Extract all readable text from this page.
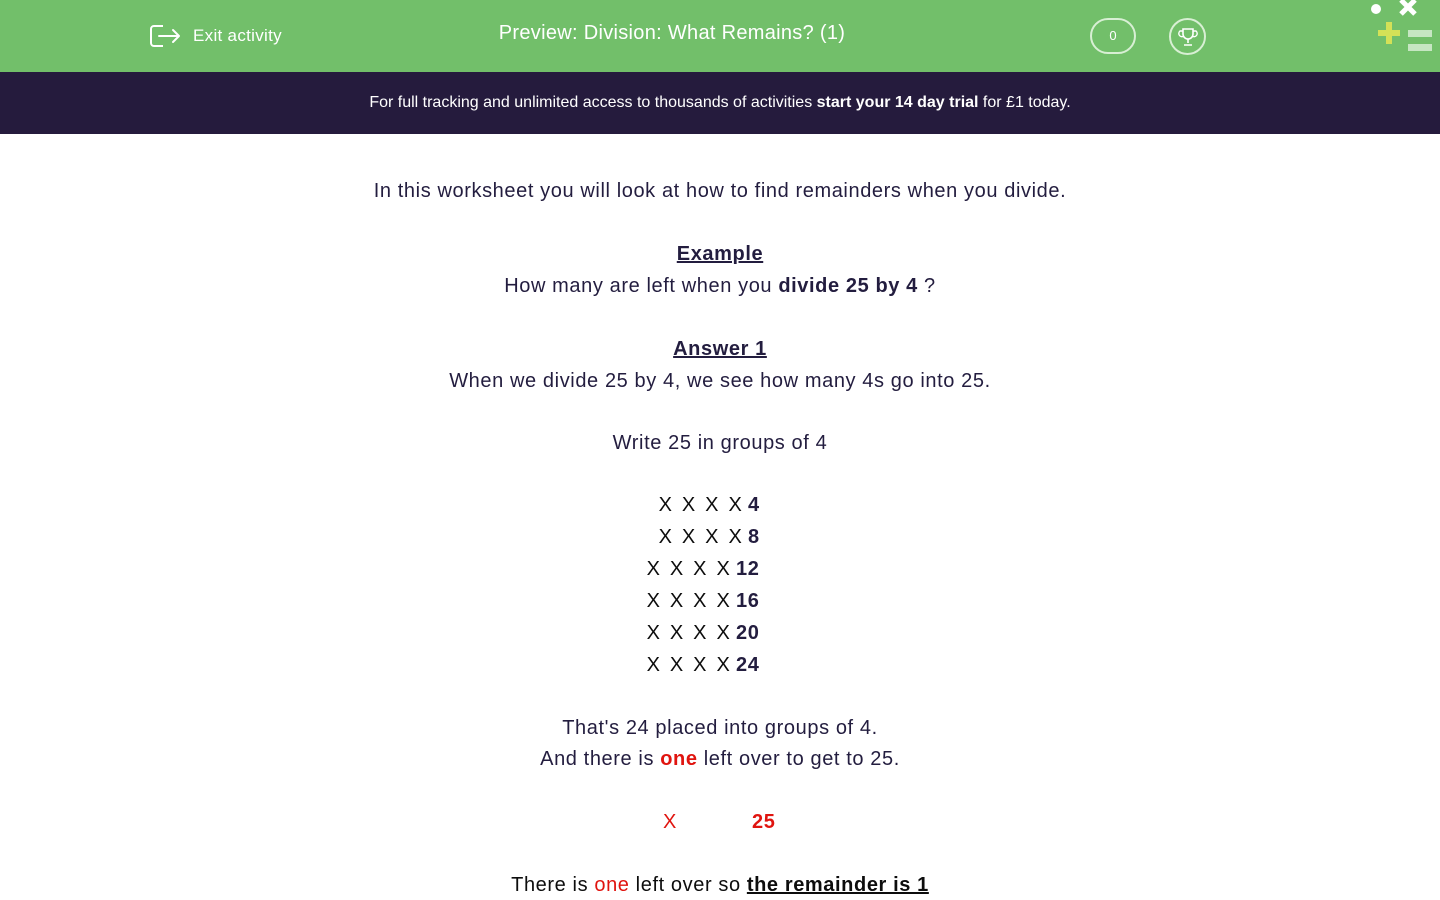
Exit activity	Preview: Division: What Remains? (1)	0
For full tracking and unlimited access to thousands of activities start your 14 day trial for £1 today.
In this worksheet you will look at how to find remainders when you divide.
Example
How many are left when you divide 25 by 4 ?
Answer 1
When we divide 25 by 4, we see how many 4s go into 25.
Write 25 in groups of 4
X X X X 4
X X X X 8
X X X X 12
X X X X 16
X X X X 20
X X X X 24
That's 24 placed into groups of 4.
And there is one left over to get to 25.
X	25
There is one left over so the remainder is 1
